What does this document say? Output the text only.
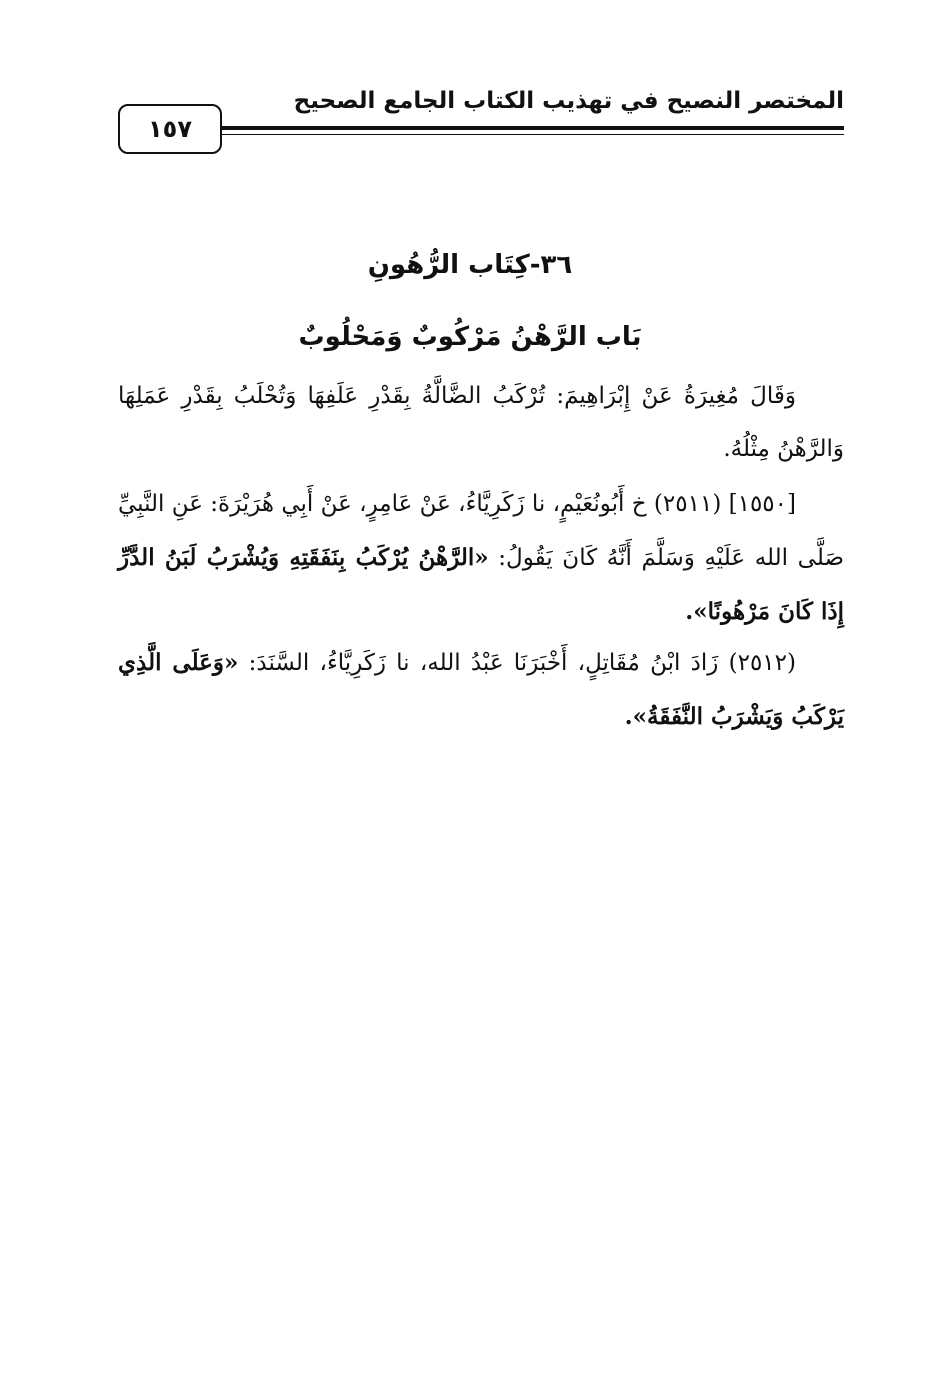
المختصر النصيح في تهذيب الكتاب الجامع الصحيح
١٥٧
٣٦-كِتَاب الرُّهُونِ
بَاب الرَّهْنُ مَرْكُوبٌ وَمَحْلُوبٌ
وَقَالَ مُغِيرَةُ عَنْ إِبْرَاهِيمَ: تُرْكَبُ الضَّالَّةُ بِقَدْرِ عَلَفِهَا وَتُحْلَبُ بِقَدْرِ عَمَلِهَا وَالرَّهْنُ مِثْلُهُ.
[١٥٥٠] (٢٥١١) خ أَبُونُعَيْمٍ، نا زَكَرِيَّاءُ، عَنْ عَامِرٍ، عَنْ أَبِي هُرَيْرَةَ: عَنِ النَّبِيِّ صَلَّى الله عَلَيْهِ وَسَلَّمَ أَنَّهُ كَانَ يَقُولُ: «الرَّهْنُ يُرْكَبُ بِنَفَقَتِهِ وَيُشْرَبُ لَبَنُ الدَّرِّ إِذَا كَانَ مَرْهُونًا».
(٢٥١٢) زَادَ ابْنُ مُقَاتِلٍ، أَخْبَرَنَا عَبْدُ الله، نا زَكَرِيَّاءُ، السَّنَدَ: «وَعَلَى الَّذِي يَرْكَبُ وَيَشْرَبُ النَّفَقَةُ».
